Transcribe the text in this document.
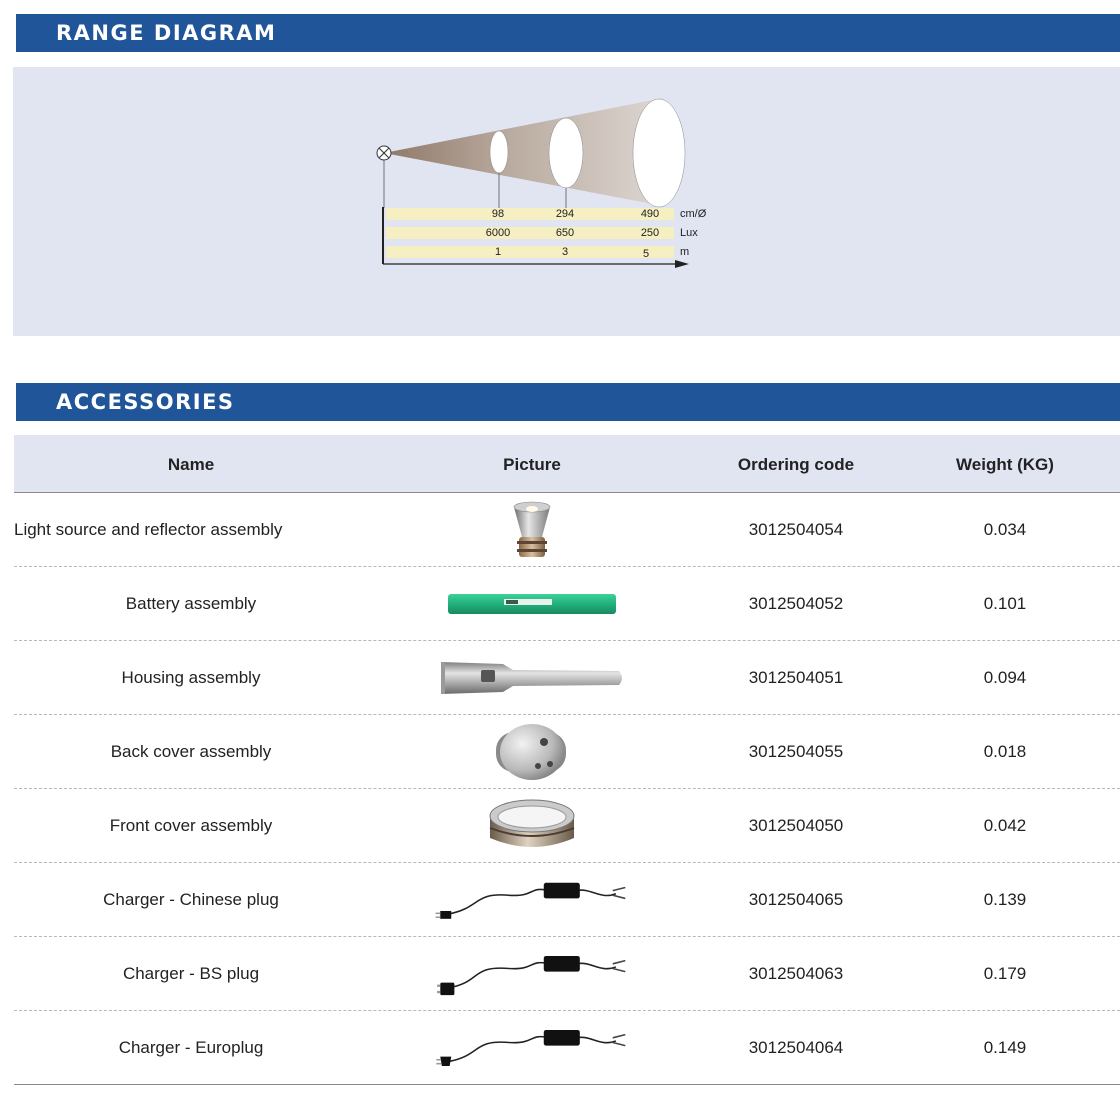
RANGE DIAGRAM
98	294	490 cm/Ø
6000	650	250 Lux
1	3	5	m
ACCESSORIES
Name	Picture	Ordering code	Weight (KG)
Light source and reflector assembly	3012504054	0.034
Battery assembly	3012504052	0.101
Housing assembly	3012504051	0.094
Back cover assembly	3012504055	0.018
Front cover assembly	3012504050	0.042
Charger - Chinese plug	3012504065	0.139
Charger - BS plug	3012504063	0.179
Charger - Europlug	3012504064	0.149
